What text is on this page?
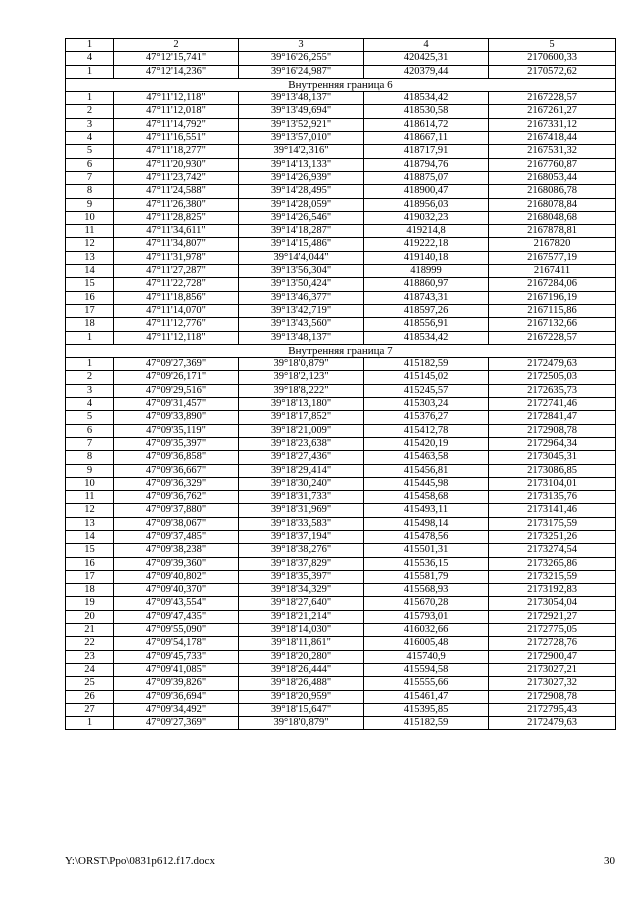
1	2	3	4	5
4	47°12'15,741"	39°16'26,255"	420425,31	2170600,33
1	47°12'14,236"	39°16'24,987"	420379,44	2170572,62
Внутренняя граница 6				
1	47°11'12,118"	39°13'48,137"	418534,42	2167228,57
2	47°11'12,018"	39°13'49,694"	418530,58	2167261,27
3	47°11'14,792"	39°13'52,921"	418614,72	2167331,12
4	47°11'16,551"	39°13'57,010"	418667,11	2167418,44
5	47°11'18,277"	39°14'2,316"	418717,91	2167531,32
6	47°11'20,930"	39°14'13,133"	418794,76	2167760,87
7	47°11'23,742"	39°14'26,939"	418875,07	2168053,44
8	47°11'24,588"	39°14'28,495"	418900,47	2168086,78
9	47°11'26,380"	39°14'28,059"	418956,03	2168078,84
10	47°11'28,825"	39°14'26,546"	419032,23	2168048,68
11	47°11'34,611"	39°14'18,287"	419214,8	2167878,81
12	47°11'34,807"	39°14'15,486"	419222,18	2167820
13	47°11'31,978"	39°14'4,044"	419140,18	2167577,19
14	47°11'27,287"	39°13'56,304"	418999	2167411
15	47°11'22,728"	39°13'50,424"	418860,97	2167284,06
16	47°11'18,856"	39°13'46,377"	418743,31	2167196,19
17	47°11'14,070"	39°13'42,719"	418597,26	2167115,86
18	47°11'12,776"	39°13'43,560"	418556,91	2167132,66
1	47°11'12,118"	39°13'48,137"	418534,42	2167228,57
Внутренняя граница 7				
1	47°09'27,369"	39°18'0,879"	415182,59	2172479,63
2	47°09'26,171"	39°18'2,123"	415145,02	2172505,03
3	47°09'29,516"	39°18'8,222"	415245,57	2172635,73
4	47°09'31,457"	39°18'13,180"	415303,24	2172741,46
5	47°09'33,890"	39°18'17,852"	415376,27	2172841,47
6	47°09'35,119"	39°18'21,009"	415412,78	2172908,78
7	47°09'35,397"	39°18'23,638"	415420,19	2172964,34
8	47°09'36,858"	39°18'27,436"	415463,58	2173045,31
9	47°09'36,667"	39°18'29,414"	415456,81	2173086,85
10	47°09'36,329"	39°18'30,240"	415445,98	2173104,01
11	47°09'36,762"	39°18'31,733"	415458,68	2173135,76
12	47°09'37,880"	39°18'31,969"	415493,11	2173141,46
13	47°09'38,067"	39°18'33,583"	415498,14	2173175,59
14	47°09'37,485"	39°18'37,194"	415478,56	2173251,26
15	47°09'38,238"	39°18'38,276"	415501,31	2173274,54
16	47°09'39,360"	39°18'37,829"	415536,15	2173265,86
17	47°09'40,802"	39°18'35,397"	415581,79	2173215,59
18	47°09'40,370"	39°18'34,329"	415568,93	2173192,83
19	47°09'43,554"	39°18'27,640"	415670,28	2173054,04
20	47°09'47,435"	39°18'21,214"	415793,01	2172921,27
21	47°09'55,090"	39°18'14,030"	416032,66	2172775,05
22	47°09'54,178"	39°18'11,861"	416005,48	2172728,76
23	47°09'45,733"	39°18'20,280"	415740,9	2172900,47
24	47°09'41,085"	39°18'26,444"	415594,58	2173027,21
25	47°09'39,826"	39°18'26,488"	415555,66	2173027,32
26	47°09'36,694"	39°18'20,959"	415461,47	2172908,78
27	47°09'34,492"	39°18'15,647"	415395,85	2172795,43
1	47°09'27,369"	39°18'0,879"	415182,59	2172479,63
Y:\ORST\Ppo\0831p612.f17.docx	30
